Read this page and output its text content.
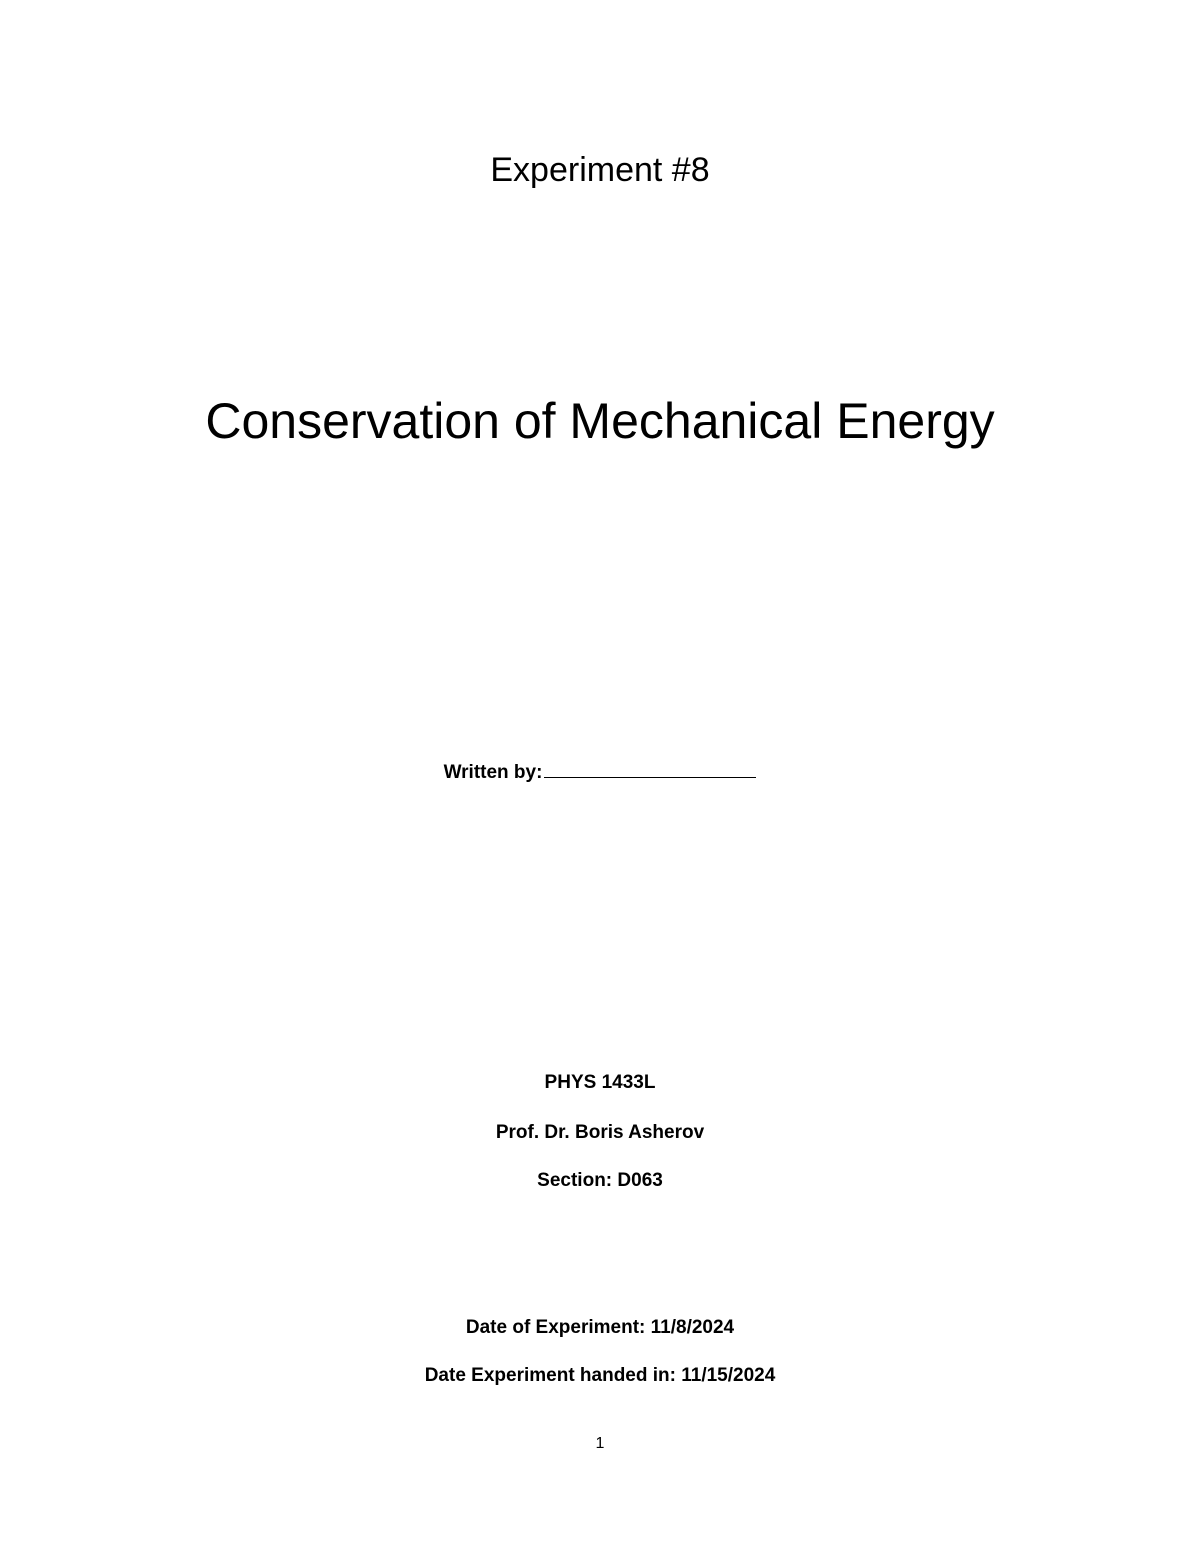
Experiment #8
Conservation of Mechanical Energy
Written by:
PHYS 1433L
Prof. Dr. Boris Asherov
Section: D063
Date of Experiment: 11/8/2024
Date Experiment handed in: 11/15/2024
1
